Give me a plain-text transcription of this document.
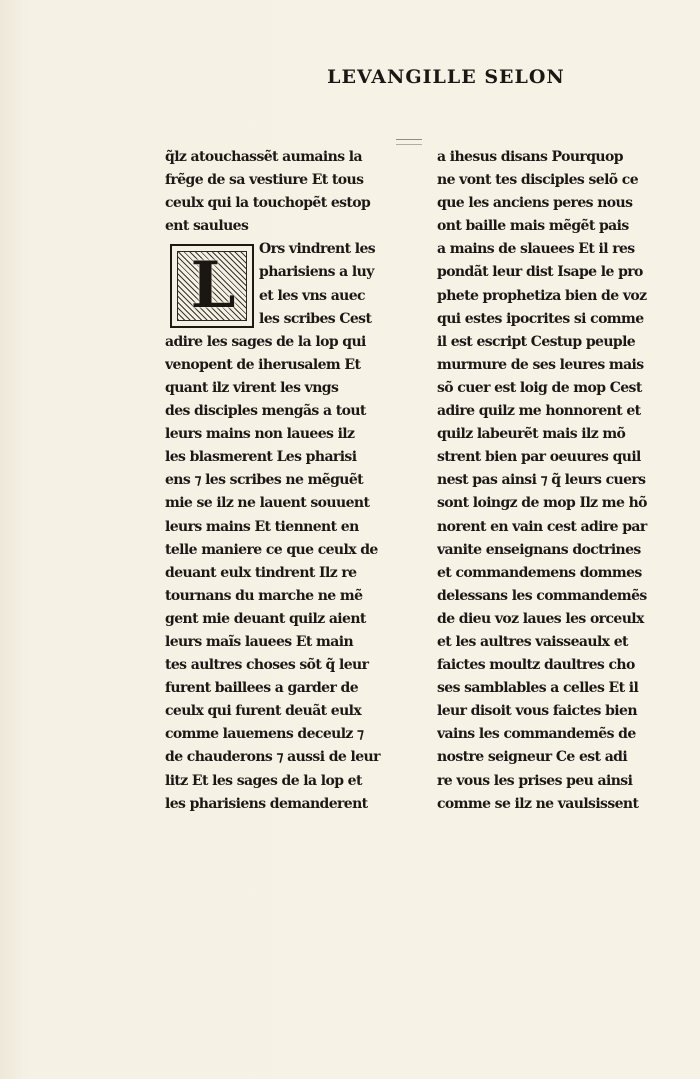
LEVANGILLE SELON
L
q̃lz atouchassẽt aumains la
frẽge de sa vestiure Et tous
ceulx qui la touchopẽt estop
ent saulues
Ors vindrent les
pharisiens a luy
et les vns auec
les scribes Cest
adire les sages de la lop qui
venopent de iherusalem Et
quant ilz virent les vngs
des disciples mengãs a tout
leurs mains non lauees ilz
les blasmerent Les pharisi
ens ⁊ les scribes ne mẽguẽt
mie se ilz ne lauent souuent
leurs mains Et tiennent en
telle maniere ce que ceulx de
deuant eulx tindrent Ilz re
tournans du marche ne mẽ
gent mie deuant quilz aient
leurs maĩs lauees Et main
tes aultres choses sõt q̃ leur
furent baillees a garder de
ceulx qui furent deuãt eulx
comme lauemens deceulz ⁊
de chauderons ⁊ aussi de leur
litz Et les sages de la lop et
les pharisiens demanderent
a ihesus disans Pourquop
ne vont tes disciples selõ ce
que les anciens peres nous
ont baille mais mẽgẽt pais
a mains de slauees Et il res
pondãt leur dist Isape le pro
phete prophetiza bien de voz
qui estes ipocrites si comme
il est escript Cestup peuple
murmure de ses leures mais
sõ cuer est loig de mop Cest
adire quilz me honnorent et
quilz labeurẽt mais ilz mõ
strent bien par oeuures quil
nest pas ainsi ⁊ q̃ leurs cuers
sont loingz de mop Ilz me hõ
norent en vain cest adire par
vanite enseignans doctrines
et commandemens dommes
delessans les commandemẽs
de dieu voz laues les orceulx
et les aultres vaisseaulx et
faictes moultz daultres cho
ses samblables a celles Et il
leur disoit vous faictes bien
vains les commandemẽs de
nostre seigneur Ce est adi
re vous les prises peu ainsi
comme se ilz ne vaulsissent
